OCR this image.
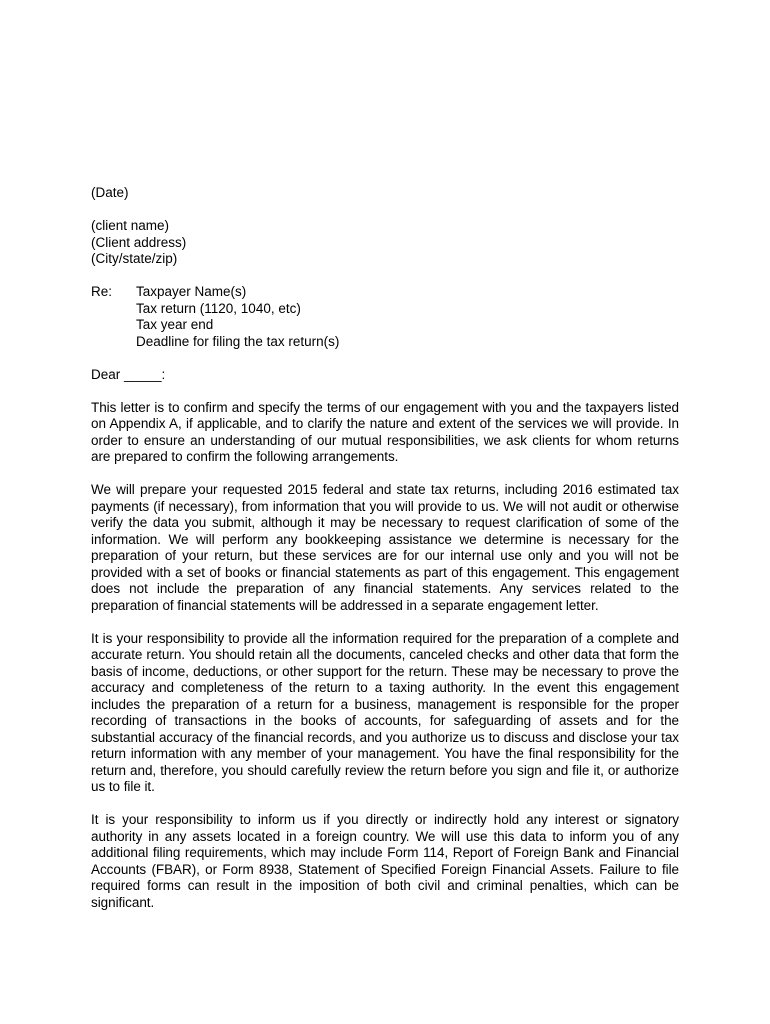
(Date)
(client name)
(Client address)
(City/state/zip)
Re: Taxpayer Name(s)
Tax return (1120, 1040, etc)
Tax year end
Deadline for filing the tax return(s)
Dear _____:

This letter is to confirm and specify the terms of our engagement with you and the taxpayers listed on Appendix A, if applicable, and to clarify the nature and extent of the services we will provide. In order to ensure an understanding of our mutual responsibilities, we ask clients for whom returns are prepared to confirm the following arrangements.

We will prepare your requested 2015 federal and state tax returns, including 2016 estimated tax payments (if necessary), from information that you will provide to us. We will not audit or otherwise verify the data you submit, although it may be necessary to request clarification of some of the information. We will perform any bookkeeping assistance we determine is necessary for the preparation of your return, but these services are for our internal use only and you will not be provided with a set of books or financial statements as part of this engagement. This engagement does not include the preparation of any financial statements. Any services related to the preparation of financial statements will be addressed in a separate engagement letter.

It is your responsibility to provide all the information required for the preparation of a complete and accurate return. You should retain all the documents, canceled checks and other data that form the basis of income, deductions, or other support for the return. These may be necessary to prove the accuracy and completeness of the return to a taxing authority. In the event this engagement includes the preparation of a return for a business, management is responsible for the proper recording of transactions in the books of accounts, for safeguarding of assets and for the substantial accuracy of the financial records, and you authorize us to discuss and disclose your tax return information with any member of your management. You have the final responsibility for the return and, therefore, you should carefully review the return before you sign and file it, or authorize us to file it.

It is your responsibility to inform us if you directly or indirectly hold any interest or signatory authority in any assets located in a foreign country. We will use this data to inform you of any additional filing requirements, which may include Form 114, Report of Foreign Bank and Financial Accounts (FBAR), or Form 8938, Statement of Specified Foreign Financial Assets. Failure to file required forms can result in the imposition of both civil and criminal penalties, which can be significant.
